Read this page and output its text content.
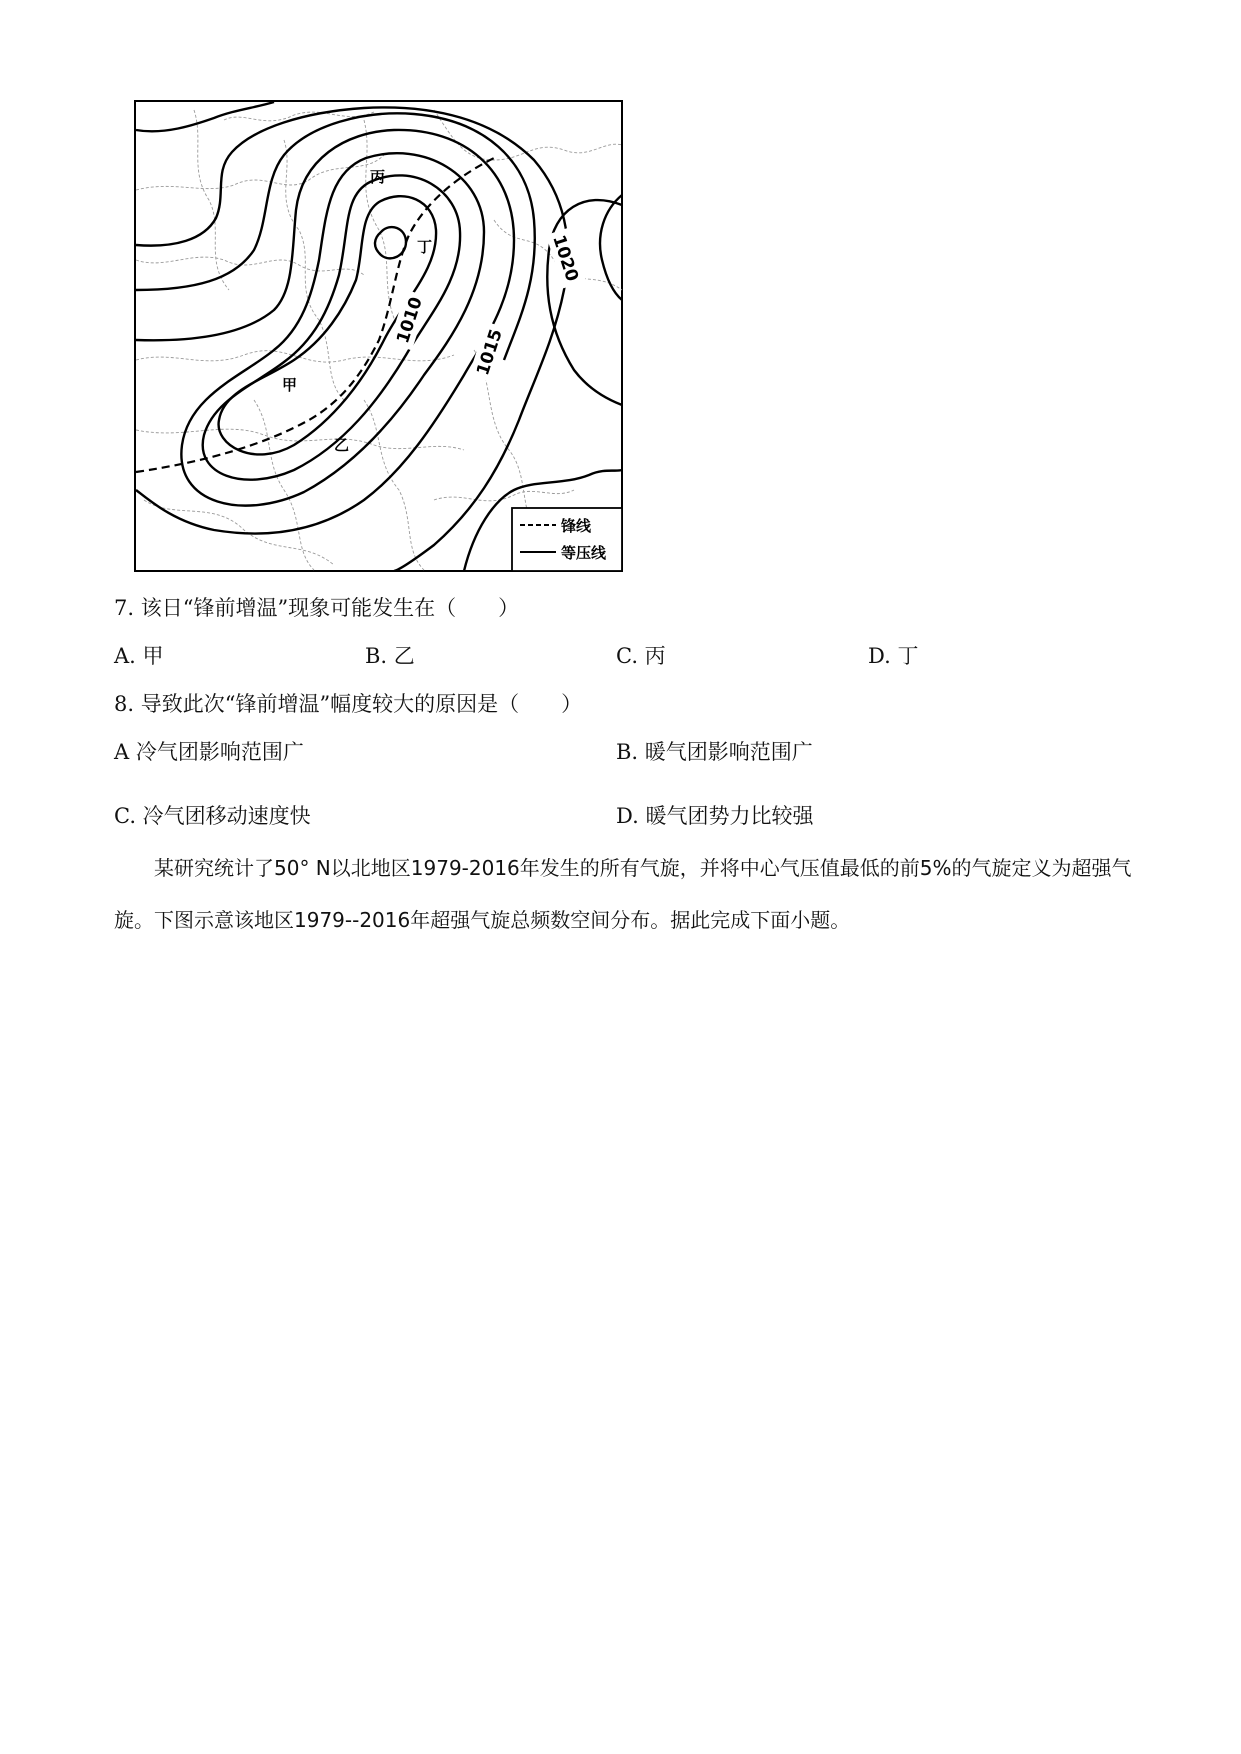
1010
1015
1020
甲
乙
丙
丁
锋线
等压线
7. 该日“锋前增温”现象可能发生在（　　）
A. 甲	B. 乙	C. 丙	D. 丁
8. 导致此次“锋前增温”幅度较大的原因是（　　）
A 冷气团影响范围广	B. 暖气团影响范围广
C. 冷气团移动速度快	D. 暖气团势力比较强
某研究统计了50° N以北地区1979-2016年发生的所有气旋，并将中心气压值最低的前5%的气旋定义为超强气旋。下图示意该地区1979--2016年超强气旋总频数空间分布。据此完成下面小题。
